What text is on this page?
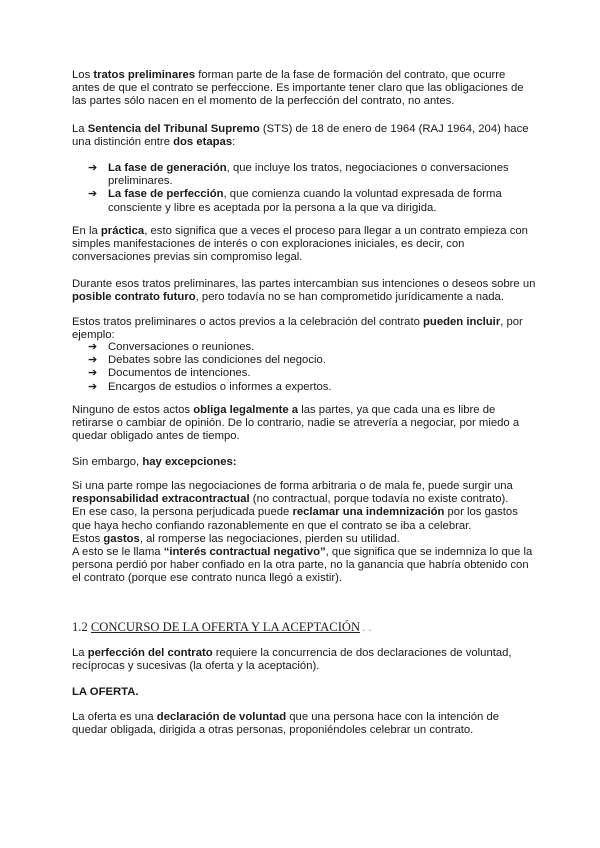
Los tratos preliminares forman parte de la fase de formación del contrato, que ocurre
antes de que el contrato se perfeccione. Es importante tener claro que las obligaciones de
las partes sólo nacen en el momento de la perfección del contrato, no antes.
La Sentencia del Tribunal Supremo (STS) de 18 de enero de 1964 (RAJ 1964, 204) hace
una distinción entre dos etapas:
➔ La fase de generación, que incluye los tratos, negociaciones o conversaciones
preliminares.
➔ La fase de perfección, que comienza cuando la voluntad expresada de forma
consciente y libre es aceptada por la persona a la que va dirigida.
En la práctica, esto significa que a veces el proceso para llegar a un contrato empieza con
simples manifestaciones de interés o con exploraciones iniciales, es decir, con
conversaciones previas sin compromiso legal.
Durante esos tratos preliminares, las partes intercambian sus intenciones o deseos sobre un
posible contrato futuro, pero todavía no se han comprometido jurídicamente a nada.
Estos tratos preliminares o actos previos a la celebración del contrato pueden incluir, por
ejemplo:
➔ Conversaciones o reuniones.
➔ Debates sobre las condiciones del negocio.
➔ Documentos de intenciones.
➔ Encargos de estudios o informes a expertos.
Ninguno de estos actos obliga legalmente a las partes, ya que cada una es libre de
retirarse o cambiar de opinión. De lo contrario, nadie se atrevería a negociar, por miedo a
quedar obligado antes de tiempo.
Sin embargo, hay excepciones:
Si una parte rompe las negociaciones de forma arbitraria o de mala fe, puede surgir una
responsabilidad extracontractual (no contractual, porque todavía no existe contrato).
En ese caso, la persona perjudicada puede reclamar una indemnización por los gastos
que haya hecho confiando razonablemente en que el contrato se iba a celebrar.
Estos gastos, al romperse las negociaciones, pierden su utilidad.
A esto se le llama “interés contractual negativo”, que significa que se indemniza lo que la
persona perdió por haber confiado en la otra parte, no la ganancia que habría obtenido con
el contrato (porque ese contrato nunca llegó a existir).
1.2 CONCURSO DE LA OFERTA Y LA ACEPTACIÓN . .
La perfección del contrato requiere la concurrencia de dos declaraciones de voluntad,
recíprocas y sucesivas (la oferta y la aceptación).
LA OFERTA.
La oferta es una declaración de voluntad que una persona hace con la intención de
quedar obligada, dirigida a otras personas, proponiéndoles celebrar un contrato.
